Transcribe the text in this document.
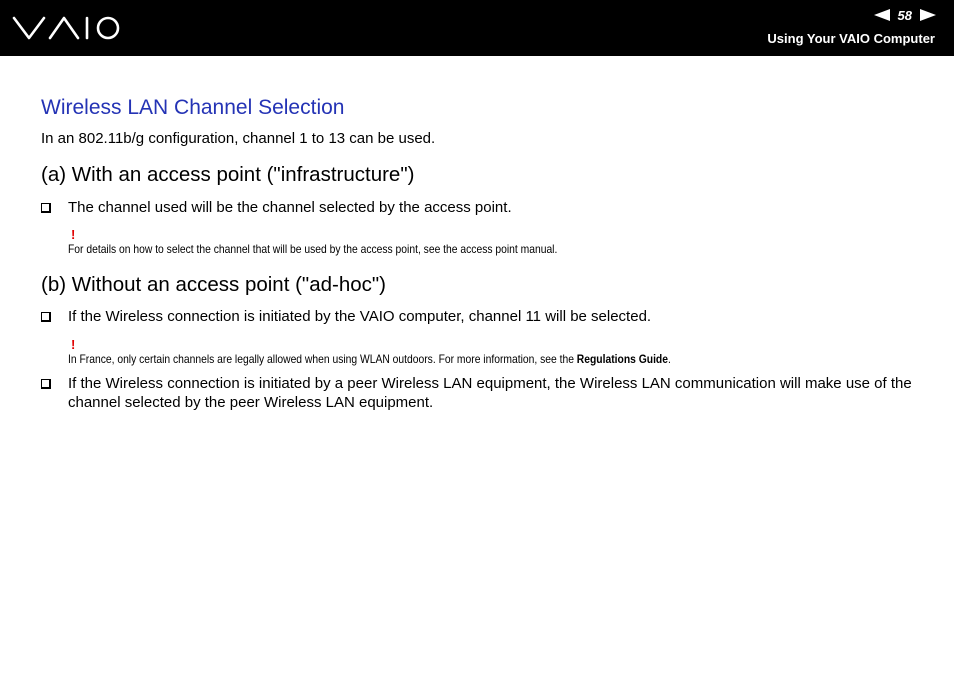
58
Using Your VAIO Computer
Wireless LAN Channel Selection

In an 802.11b/g configuration, channel 1 to 13 can be used.

(a) With an access point ("infrastructure")
The channel used will be the channel selected by the access point.
!
For details on how to select the channel that will be used by the access point, see the access point manual.
(b) Without an access point ("ad-hoc")
If the Wireless connection is initiated by the VAIO computer, channel 11 will be selected.
!
In France, only certain channels are legally allowed when using WLAN outdoors. For more information, see the Regulations Guide.
If the Wireless connection is initiated by a peer Wireless LAN equipment, the Wireless LAN communication will make use of the channel selected by the peer Wireless LAN equipment.
